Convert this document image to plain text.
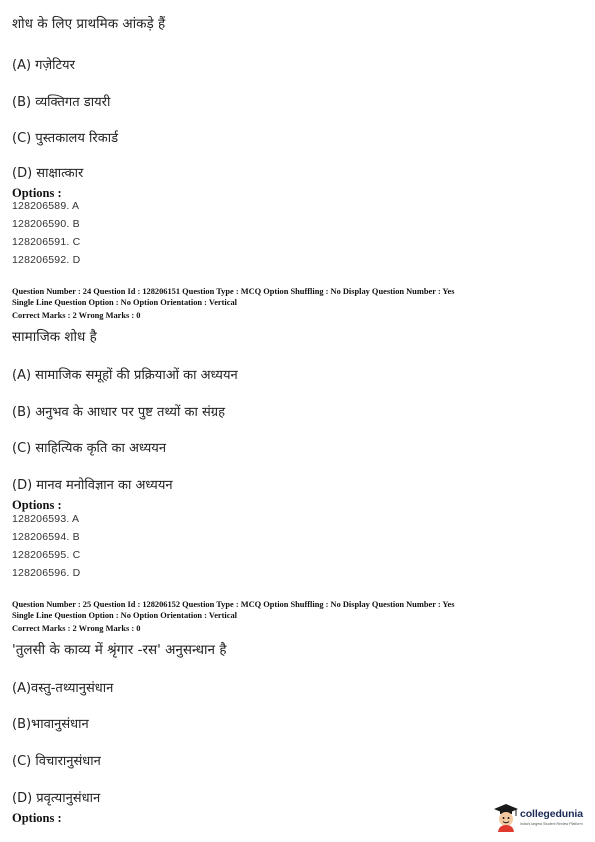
शोध के लिए प्राथमिक आंकड़े हैं
(A) गज़ेटियर
(B) व्यक्तिगत डायरी
(C) पुस्तकालय रिकार्ड
(D) साक्षात्कार
Options :
128206589. A
128206590. B
128206591. C
128206592. D
Question Number : 24 Question Id : 128206151 Question Type : MCQ Option Shuffling : No Display Question Number : Yes
Single Line Question Option : No Option Orientation : Vertical
Correct Marks : 2 Wrong Marks : 0
सामाजिक शोध है
(A) सामाजिक समूहों की प्रक्रियाओं का अध्ययन
(B) अनुभव के आधार पर पुष्ट तथ्यों का संग्रह
(C) साहित्यिक कृति का अध्ययन
(D) मानव मनोविज्ञान का अध्ययन
Options :
128206593. A
128206594. B
128206595. C
128206596. D
Question Number : 25 Question Id : 128206152 Question Type : MCQ Option Shuffling : No Display Question Number : Yes
Single Line Question Option : No Option Orientation : Vertical
Correct Marks : 2 Wrong Marks : 0
'तुलसी के काव्य में श्रृंगार -रस' अनुसन्धान है
(A)वस्तु-तथ्यानुसंधान
(B)भावानुसंधान
(C) विचारानुसंधान
(D) प्रवृत्यानुसंधान
Options :	collegedunia
India's largest Student Review Platform
